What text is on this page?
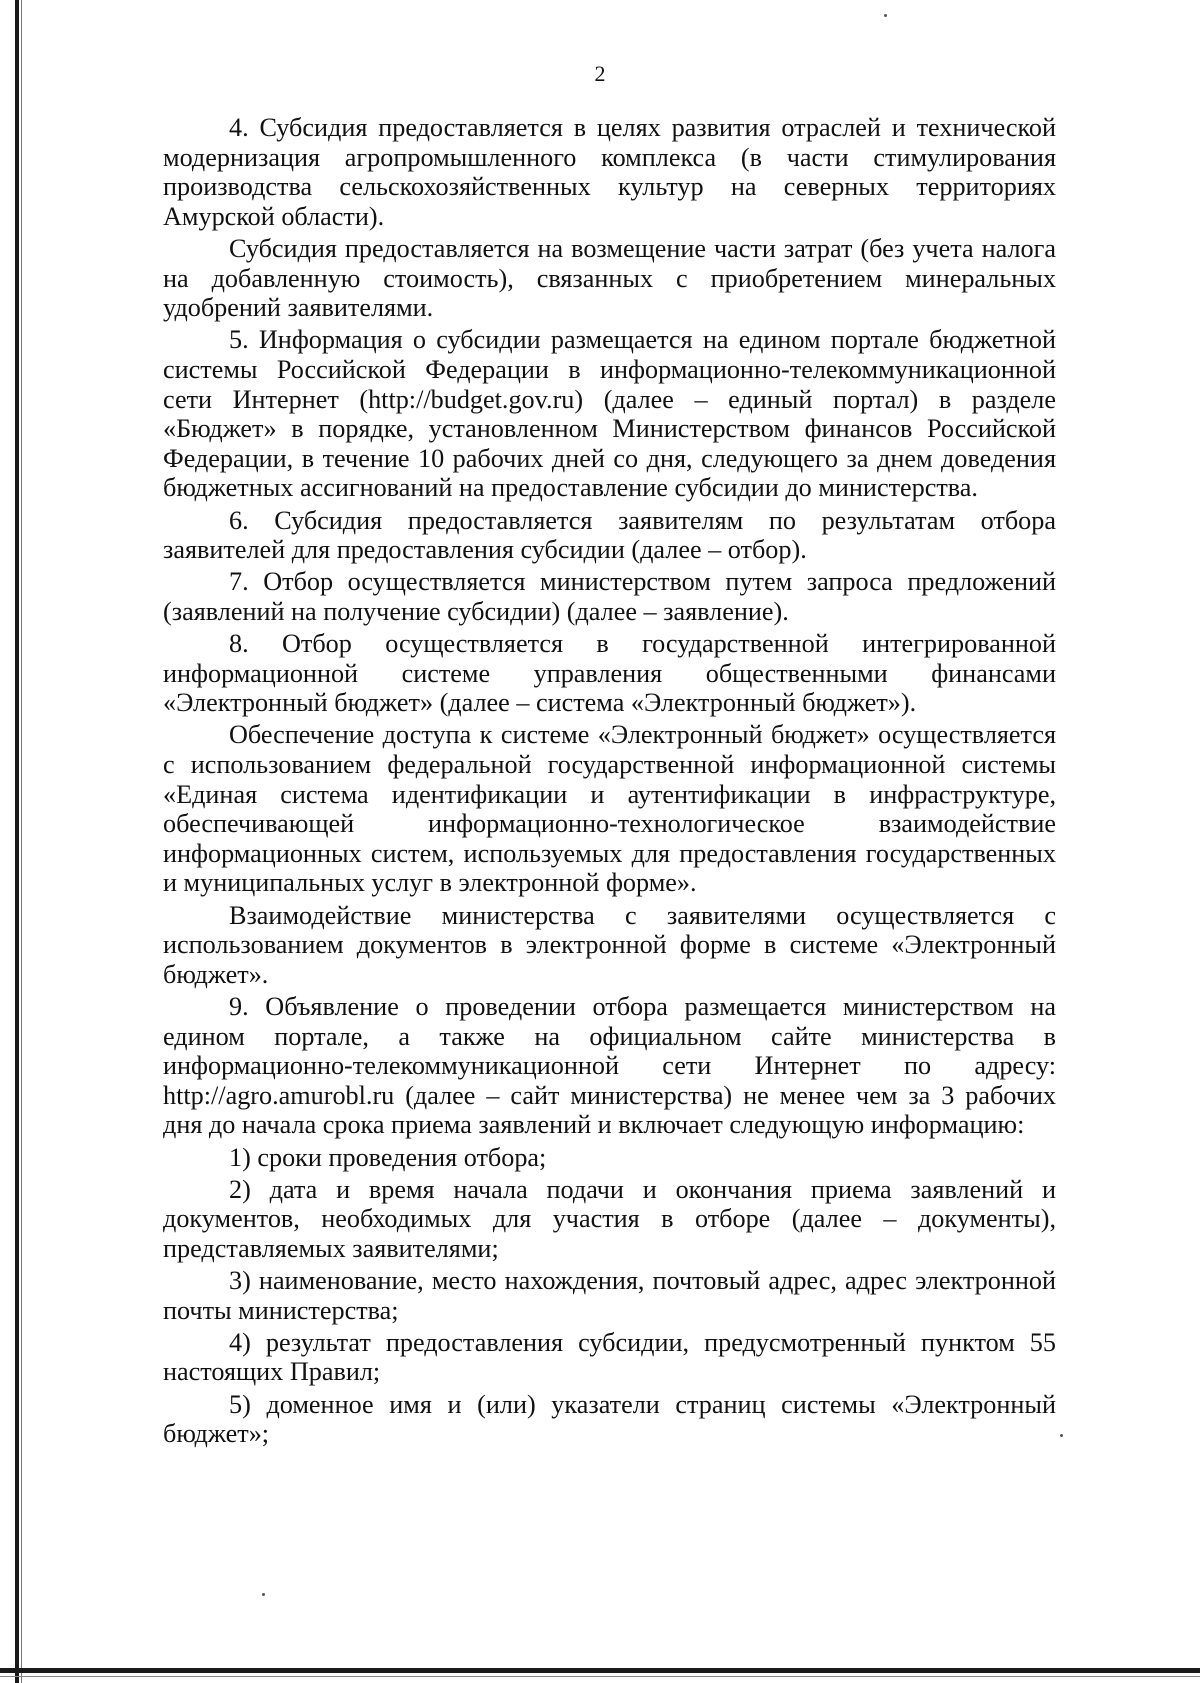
2

4. Субсидия предоставляется в целях развития отраслей и технической модернизация агропромышленного комплекса (в части стимулирования производства сельскохозяйственных культур на северных территориях Амурской области).

Субсидия предоставляется на возмещение части затрат (без учета налога на добавленную стоимость), связанных с приобретением минеральных удобрений заявителями.

5. Информация о субсидии размещается на едином портале бюджетной системы Российской Федерации в информационно-телекоммуникационной сети Интернет (http://budget.gov.ru) (далее – единый портал) в разделе «Бюджет» в порядке, установленном Министерством финансов Российской Федерации, в течение 10 рабочих дней со дня, следующего за днем доведения бюджетных ассигнований на предоставление субсидии до министерства.

6. Субсидия предоставляется заявителям по результатам отбора заявителей для предоставления субсидии (далее – отбор).

7. Отбор осуществляется министерством путем запроса предложений (заявлений на получение субсидии) (далее – заявление).

8. Отбор осуществляется в государственной интегрированной информационной системе управления общественными финансами «Электронный бюджет» (далее – система «Электронный бюджет»).

Обеспечение доступа к системе «Электронный бюджет» осуществляется с использованием федеральной государственной информационной системы «Единая система идентификации и аутентификации в инфраструктуре, обеспечивающей информационно-технологическое взаимодействие информационных систем, используемых для предоставления государственных и муниципальных услуг в электронной форме».

Взаимодействие министерства с заявителями осуществляется с использованием документов в электронной форме в системе «Электронный бюджет».

9. Объявление о проведении отбора размещается министерством на едином портале, а также на официальном сайте министерства в информационно-телекоммуникационной сети Интернет по адресу: http://agro.amurobl.ru (далее – сайт министерства) не менее чем за 3 рабочих дня до начала срока приема заявлений и включает следующую информацию:

1) сроки проведения отбора;

2) дата и время начала подачи и окончания приема заявлений и документов, необходимых для участия в отборе (далее – документы), представляемых заявителями;

3) наименование, место нахождения, почтовый адрес, адрес электронной почты министерства;

4) результат предоставления субсидии, предусмотренный пунктом 55 настоящих Правил;

5) доменное имя и (или) указатели страниц системы «Электронный бюджет»;
